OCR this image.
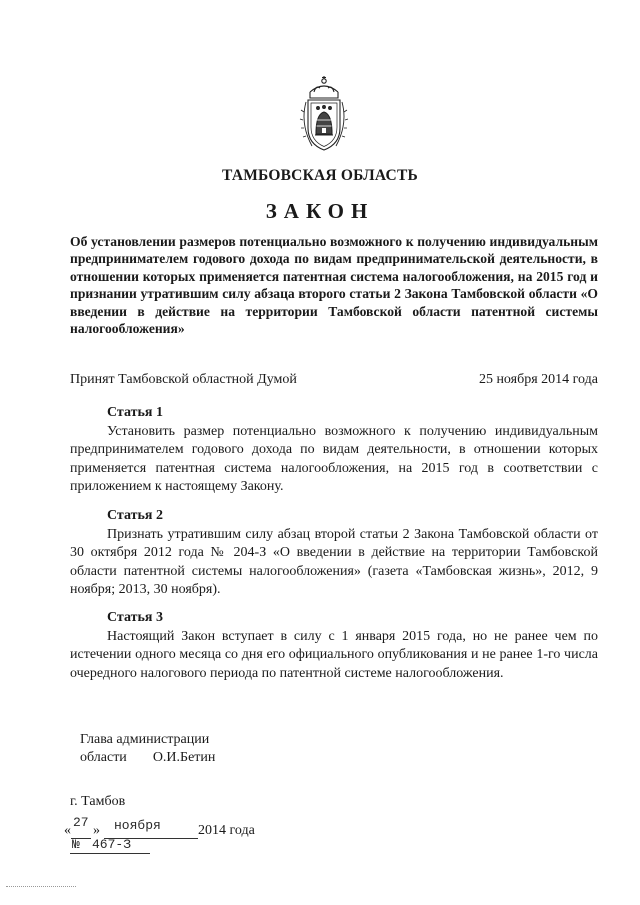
ТАМБОВСКАЯ ОБЛАСТЬ
ЗАКОН
Об установлении размеров потенциально возможного к получению индивидуальным предпринимателем годового дохода по видам предпринимательской деятельности, в отношении которых применяется патентная система налогообложения, на 2015 год и признании утратившим силу абзаца второго статьи 2 Закона Тамбовской области «О введении в действие на территории Тамбовской области патентной системы налогообложения»
Принят Тамбовской областной Думой	25 ноября 2014 года
Статья 1
Установить размер потенциально возможного к получению индивидуальным предпринимателем годового дохода по видам деятельности, в отношении которых применяется патентная система налогообложения, на 2015 год в соответствии с приложением к настоящему Закону.
Статья 2
Признать утратившим силу абзац второй статьи 2 Закона Тамбовской области от 30 октября 2012 года № 204-З «О введении в действие на территории Тамбовской области патентной системы налогообложения» (газета «Тамбовская жизнь», 2012, 9 ноября; 2013, 30 ноября).
Статья 3
Настоящий Закон вступает в силу с 1 января 2015 года, но не ранее чем по истечении одного месяца со дня его официального опубликования и не ранее 1-го числа очередного налогового периода по патентной системе налогообложения.
Глава администрации
области О.И.Бетин
г. Тамбов
«
27
» ноября	2014 года
№ 467-З
